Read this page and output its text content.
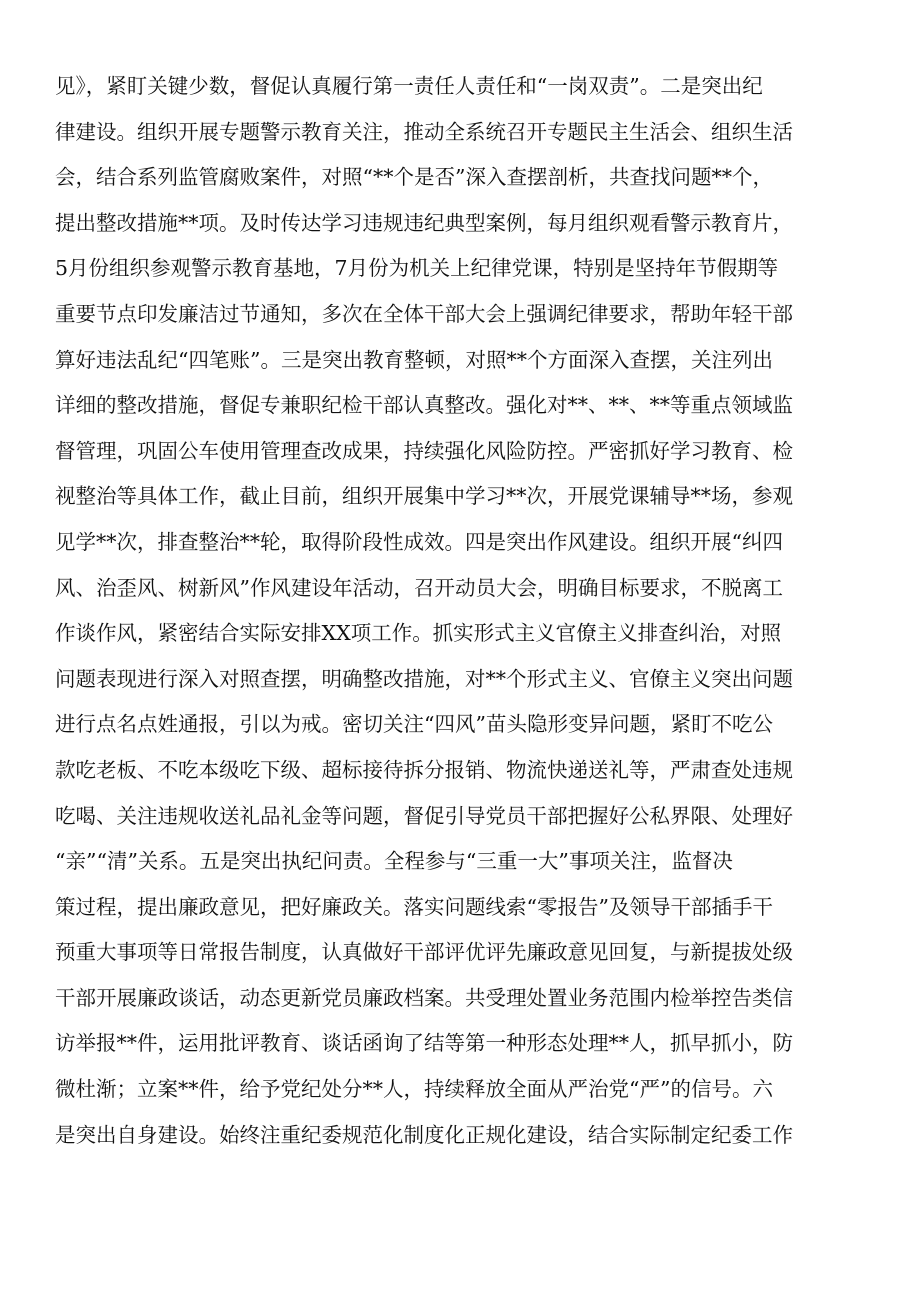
见》，紧盯关键少数，督促认真履行第一责任人责任和“一岗双责”。二是突出纪
律建设。组织开展专题警示教育关注，推动全系统召开专题民主生活会、组织生活
会，结合系列监管腐败案件，对照“**个是否”深入查摆剖析，共查找问题**个，
提出整改措施**项。及时传达学习违规违纪典型案例，每月组织观看警示教育片，
5月份组织参观警示教育基地，7月份为机关上纪律党课，特别是坚持年节假期等
重要节点印发廉洁过节通知，多次在全体干部大会上强调纪律要求，帮助年轻干部
算好违法乱纪“四笔账”。三是突出教育整顿，对照**个方面深入查摆，关注列出
详细的整改措施，督促专兼职纪检干部认真整改。强化对**、**、**等重点领域监
督管理，巩固公车使用管理查改成果，持续强化风险防控。严密抓好学习教育、检
视整治等具体工作，截止目前，组织开展集中学习**次，开展党课辅导**场，参观
见学**次，排查整治**轮，取得阶段性成效。四是突出作风建设。组织开展“纠四
风、治歪风、树新风”作风建设年活动，召开动员大会，明确目标要求，不脱离工
作谈作风，紧密结合实际安排XX项工作。抓实形式主义官僚主义排查纠治，对照
问题表现进行深入对照查摆，明确整改措施，对**个形式主义、官僚主义突出问题
进行点名点姓通报，引以为戒。密切关注“四风”苗头隐形变异问题，紧盯不吃公
款吃老板、不吃本级吃下级、超标接待拆分报销、物流快递送礼等，严肃查处违规
吃喝、关注违规收送礼品礼金等问题，督促引导党员干部把握好公私界限、处理好
“亲”“清”关系。五是突出执纪问责。全程参与“三重一大”事项关注，监督决
策过程，提出廉政意见，把好廉政关。落实问题线索“零报告”及领导干部插手干
预重大事项等日常报告制度，认真做好干部评优评先廉政意见回复，与新提拔处级
干部开展廉政谈话，动态更新党员廉政档案。共受理处置业务范围内检举控告类信
访举报**件，运用批评教育、谈话函询了结等第一种形态处理**人，抓早抓小，防
微杜渐；立案**件，给予党纪处分**人，持续释放全面从严治党“严”的信号。六
是突出自身建设。始终注重纪委规范化制度化正规化建设，结合实际制定纪委工作
